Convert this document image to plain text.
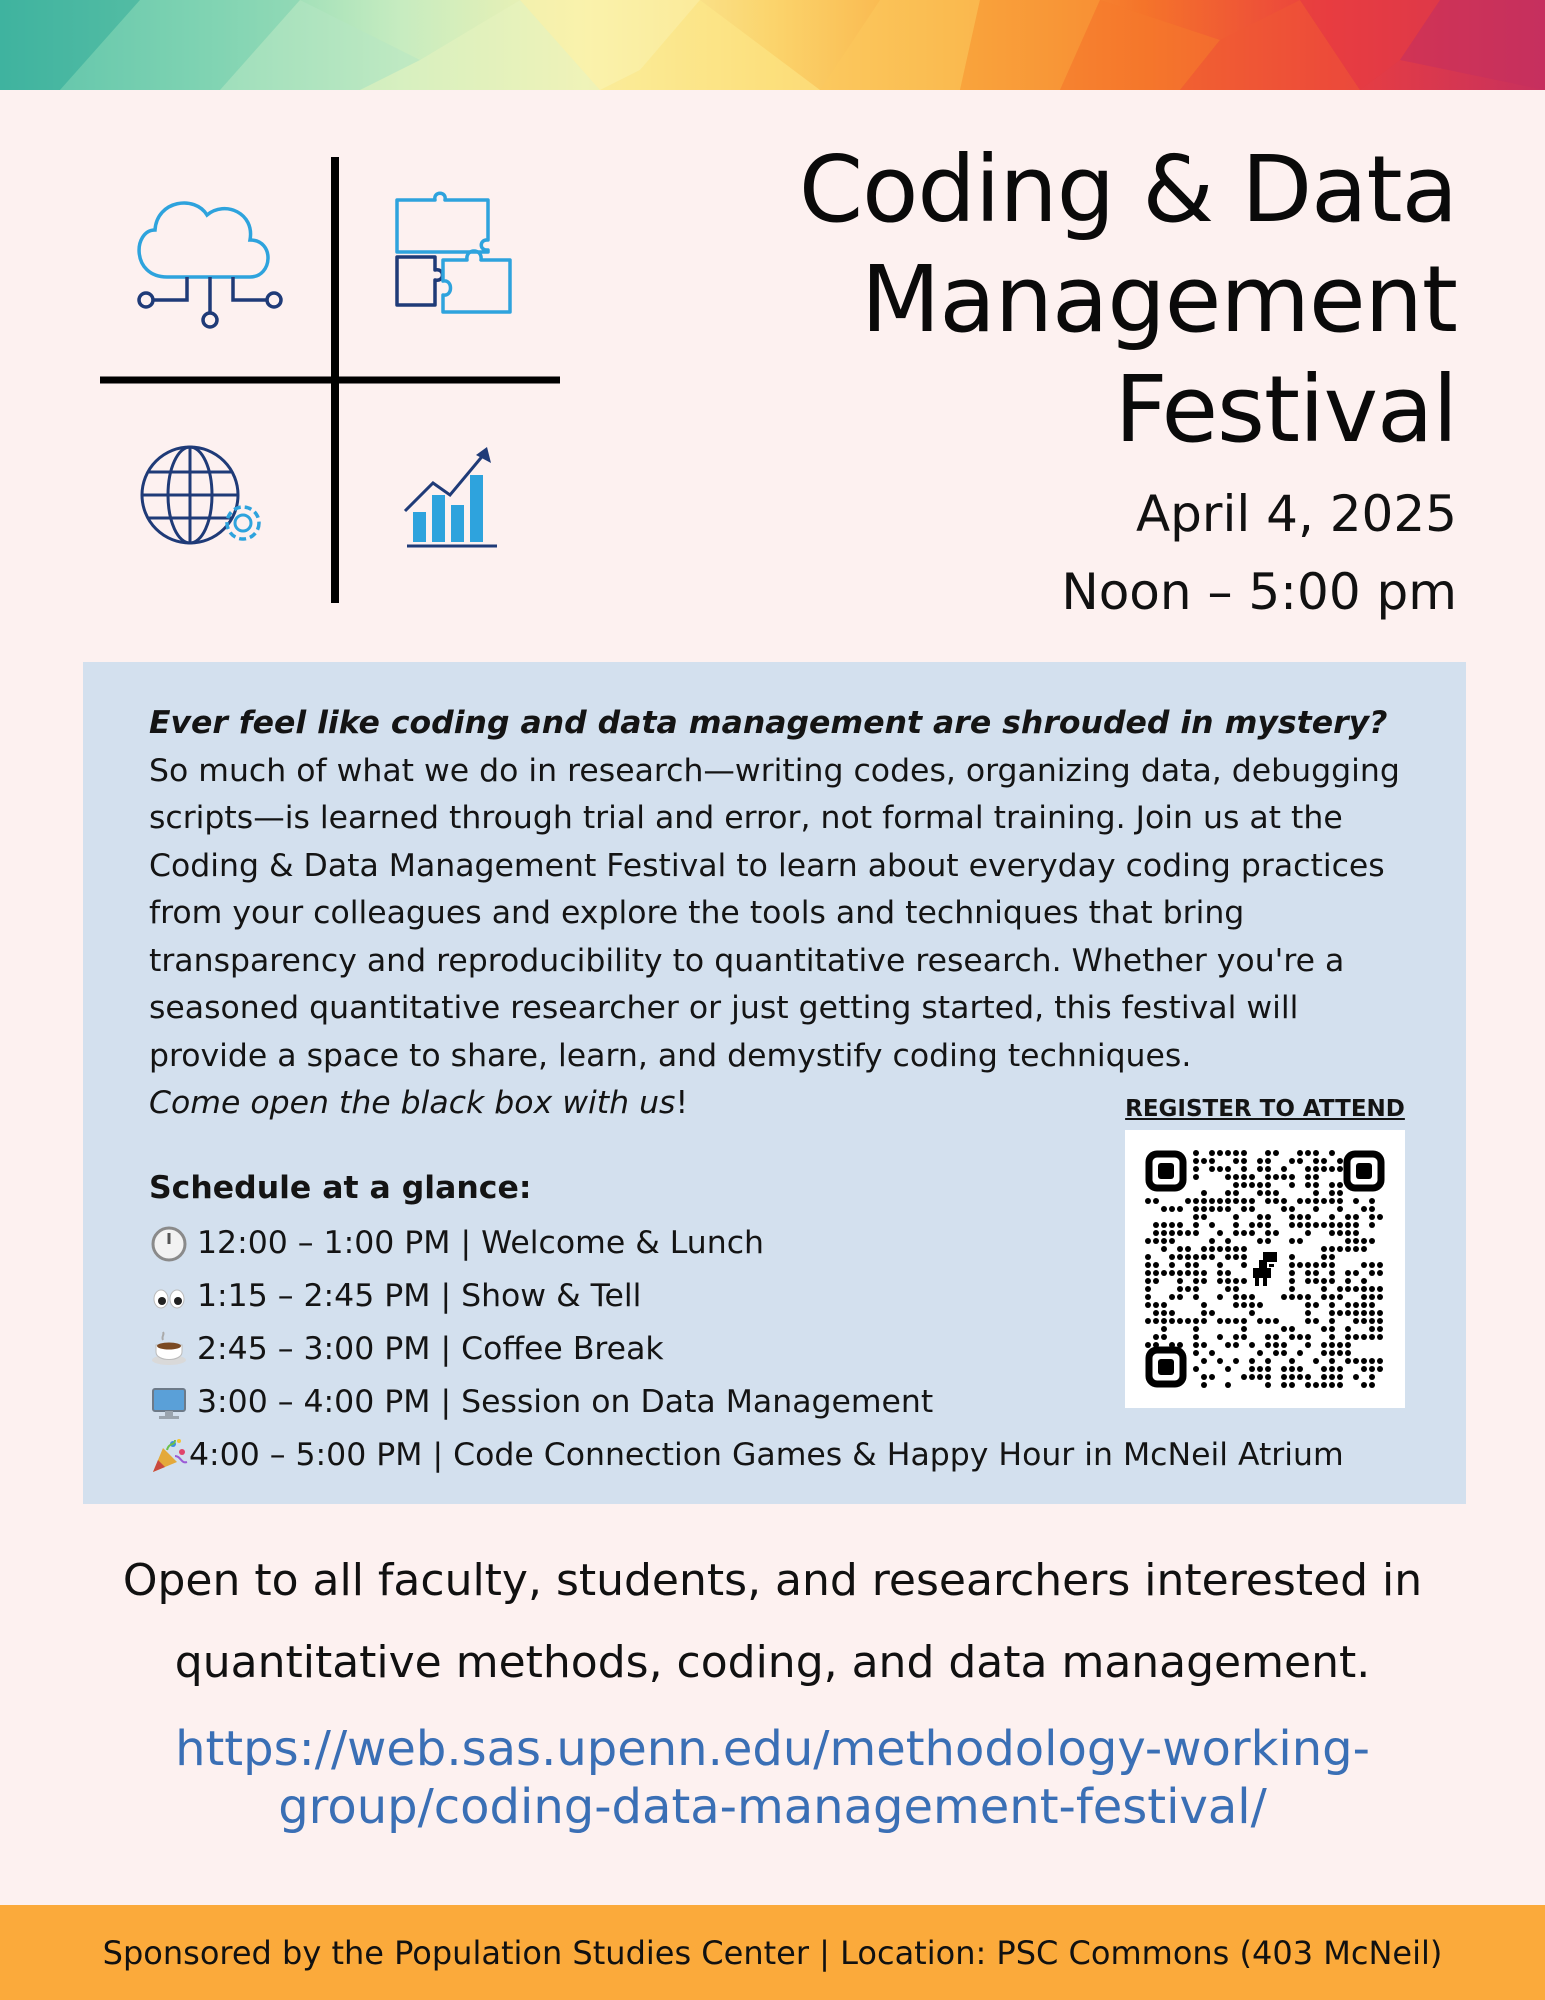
Coding & Data
Management
Festival
April 4, 2025
Noon – 5:00 pm
Ever feel like coding and data management are shrouded in mystery?
So much of what we do in research—writing codes, organizing data, debugging scripts—is learned through trial and error, not formal training. Join us at the Coding & Data Management Festival to learn about everyday coding practices from your colleagues and explore the tools and techniques that bring transparency and reproducibility to quantitative research. Whether you're a seasoned quantitative researcher or just getting started, this festival will provide a space to share, learn, and demystify coding techniques.
Come open the black box with us!
Schedule at a glance:
12:00 – 1:00 PM | Welcome & Lunch
1:15 – 2:45 PM | Show & Tell
2:45 – 3:00 PM | Coffee Break
3:00 – 4:00 PM | Session on Data Management
4:00 – 5:00 PM | Code Connection Games & Happy Hour in McNeil Atrium
REGISTER TO ATTEND
Open to all faculty, students, and researchers interested in
quantitative methods, coding, and data management.
https://web.sas.upenn.edu/methodology-working-
group/coding-data-management-festival/
Sponsored by the Population Studies Center | Location: PSC Commons (403 McNeil)
